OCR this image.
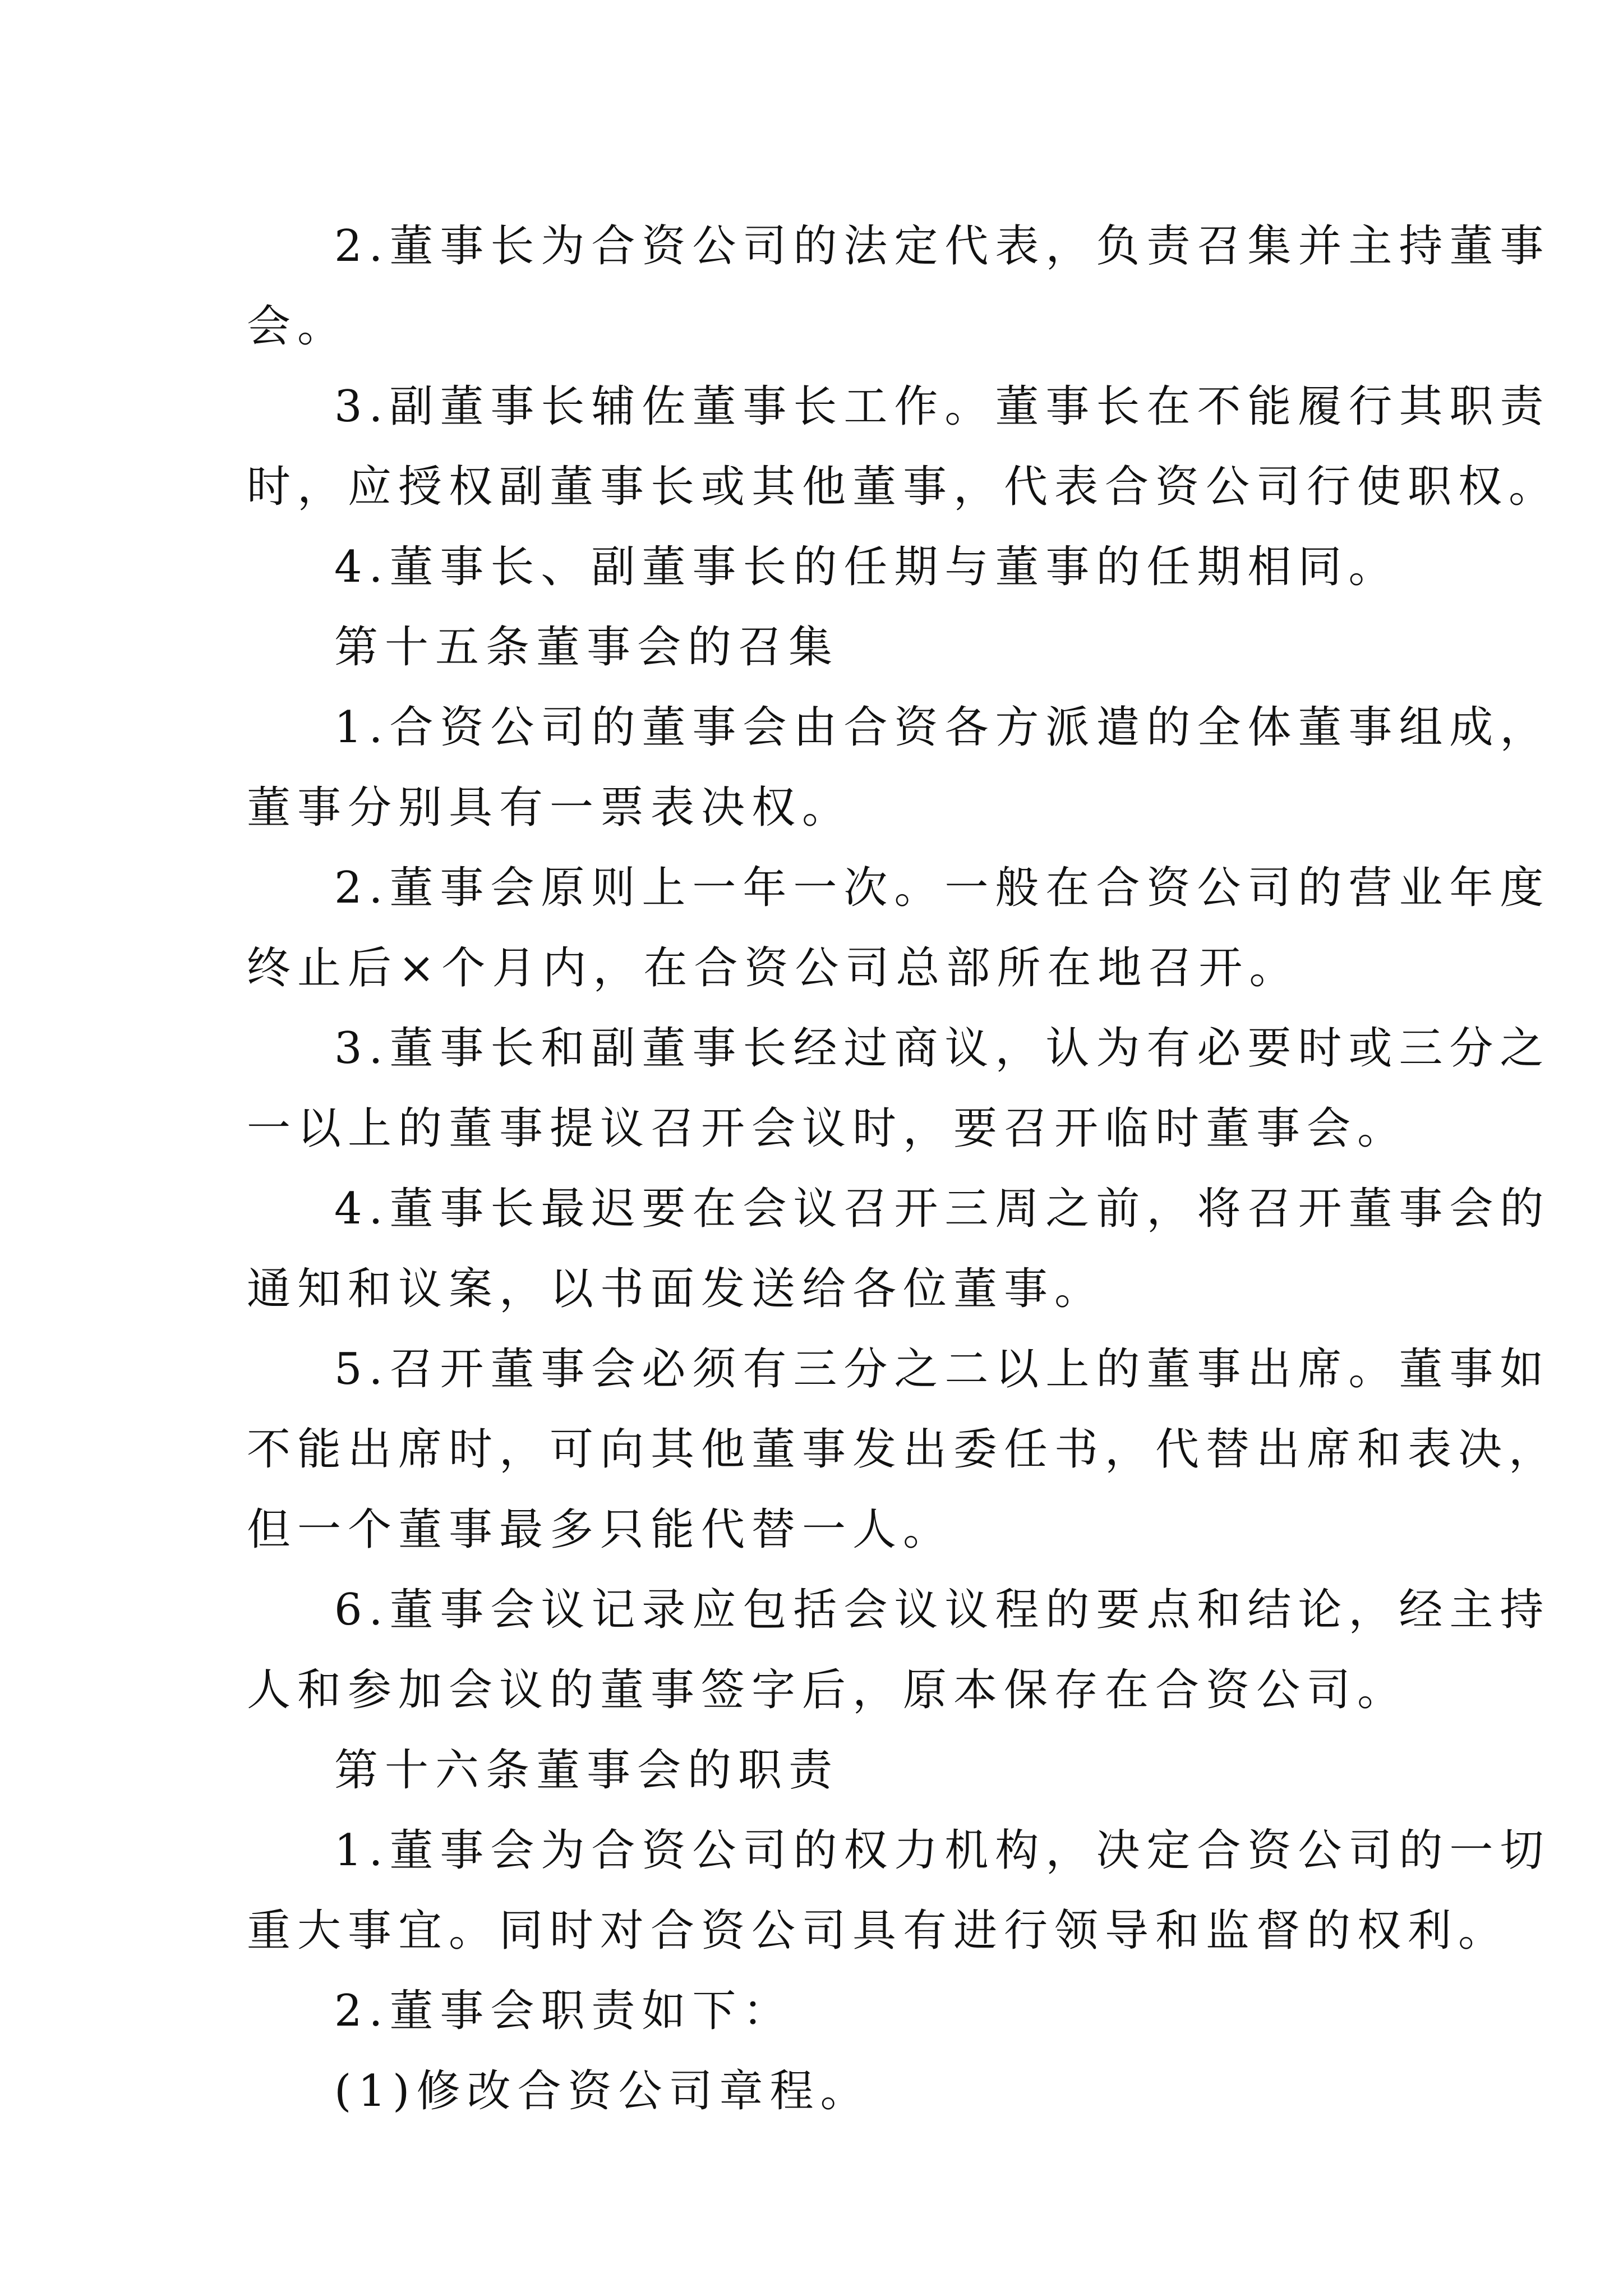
2.董事长为合资公司的法定代表，负责召集并主持董事

会。

3.副董事长辅佐董事长工作。董事长在不能履行其职责

时，应授权副董事长或其他董事，代表合资公司行使职权。

4.董事长、副董事长的任期与董事的任期相同。

第十五条董事会的召集

1.合资公司的董事会由合资各方派遣的全体董事组成，

董事分别具有一票表决权。

2.董事会原则上一年一次。一般在合资公司的营业年度

终止后×个月内，在合资公司总部所在地召开。

3.董事长和副董事长经过商议，认为有必要时或三分之

一以上的董事提议召开会议时，要召开临时董事会。

4.董事长最迟要在会议召开三周之前，将召开董事会的

通知和议案，以书面发送给各位董事。

5.召开董事会必须有三分之二以上的董事出席。董事如

不能出席时，可向其他董事发出委任书，代替出席和表决，

但一个董事最多只能代替一人。

6.董事会议记录应包括会议议程的要点和结论，经主持

人和参加会议的董事签字后，原本保存在合资公司。

第十六条董事会的职责

1.董事会为合资公司的权力机构，决定合资公司的一切

重大事宜。同时对合资公司具有进行领导和监督的权利。

2.董事会职责如下：

(1)修改合资公司章程。
